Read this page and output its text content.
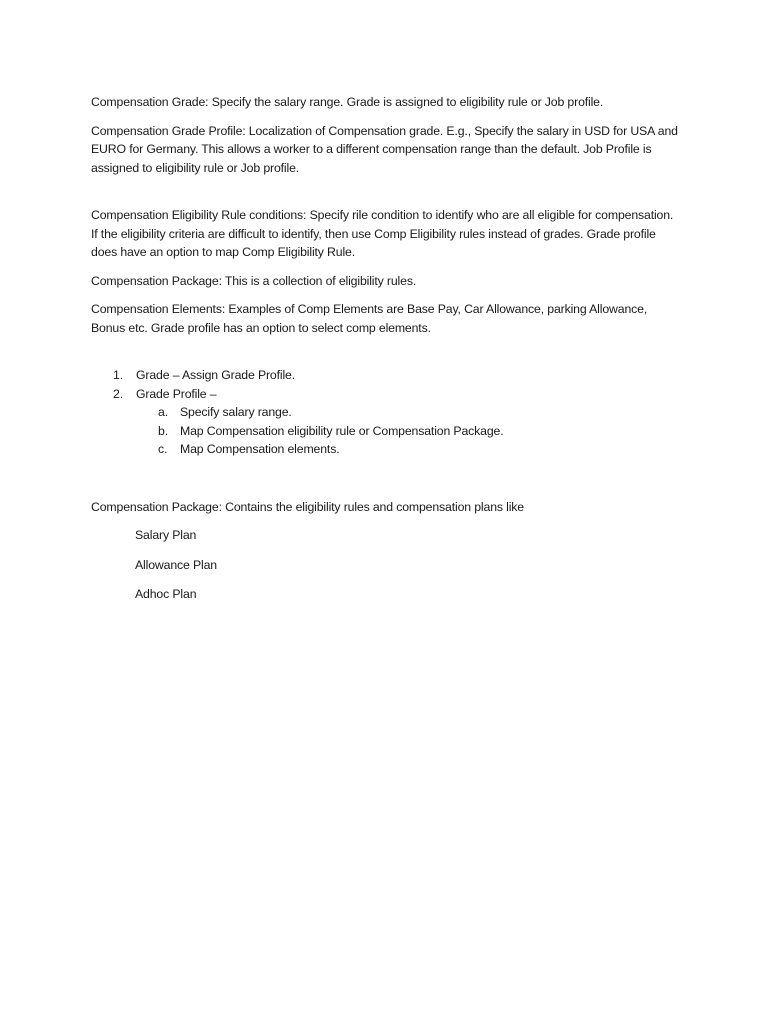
Compensation Grade: Specify the salary range. Grade is assigned to eligibility rule or Job profile.

Compensation Grade Profile: Localization of Compensation grade. E.g., Specify the salary in USD for USA and EURO for Germany. This allows a worker to a different compensation range than the default. Job Profile is assigned to eligibility rule or Job profile.

Compensation Eligibility Rule conditions: Specify rile condition to identify who are all eligible for compensation. If the eligibility criteria are difficult to identify, then use Comp Eligibility rules instead of grades. Grade profile does have an option to map Comp Eligibility Rule.

Compensation Package: This is a collection of eligibility rules.

Compensation Elements: Examples of Comp Elements are Base Pay, Car Allowance, parking Allowance, Bonus etc. Grade profile has an option to select comp elements.

1. Grade – Assign Grade Profile.
2. Grade Profile –
a. Specify salary range.
b. Map Compensation eligibility rule or Compensation Package.
c. Map Compensation elements.

Compensation Package: Contains the eligibility rules and compensation plans like

Salary Plan

Allowance Plan

Adhoc Plan
